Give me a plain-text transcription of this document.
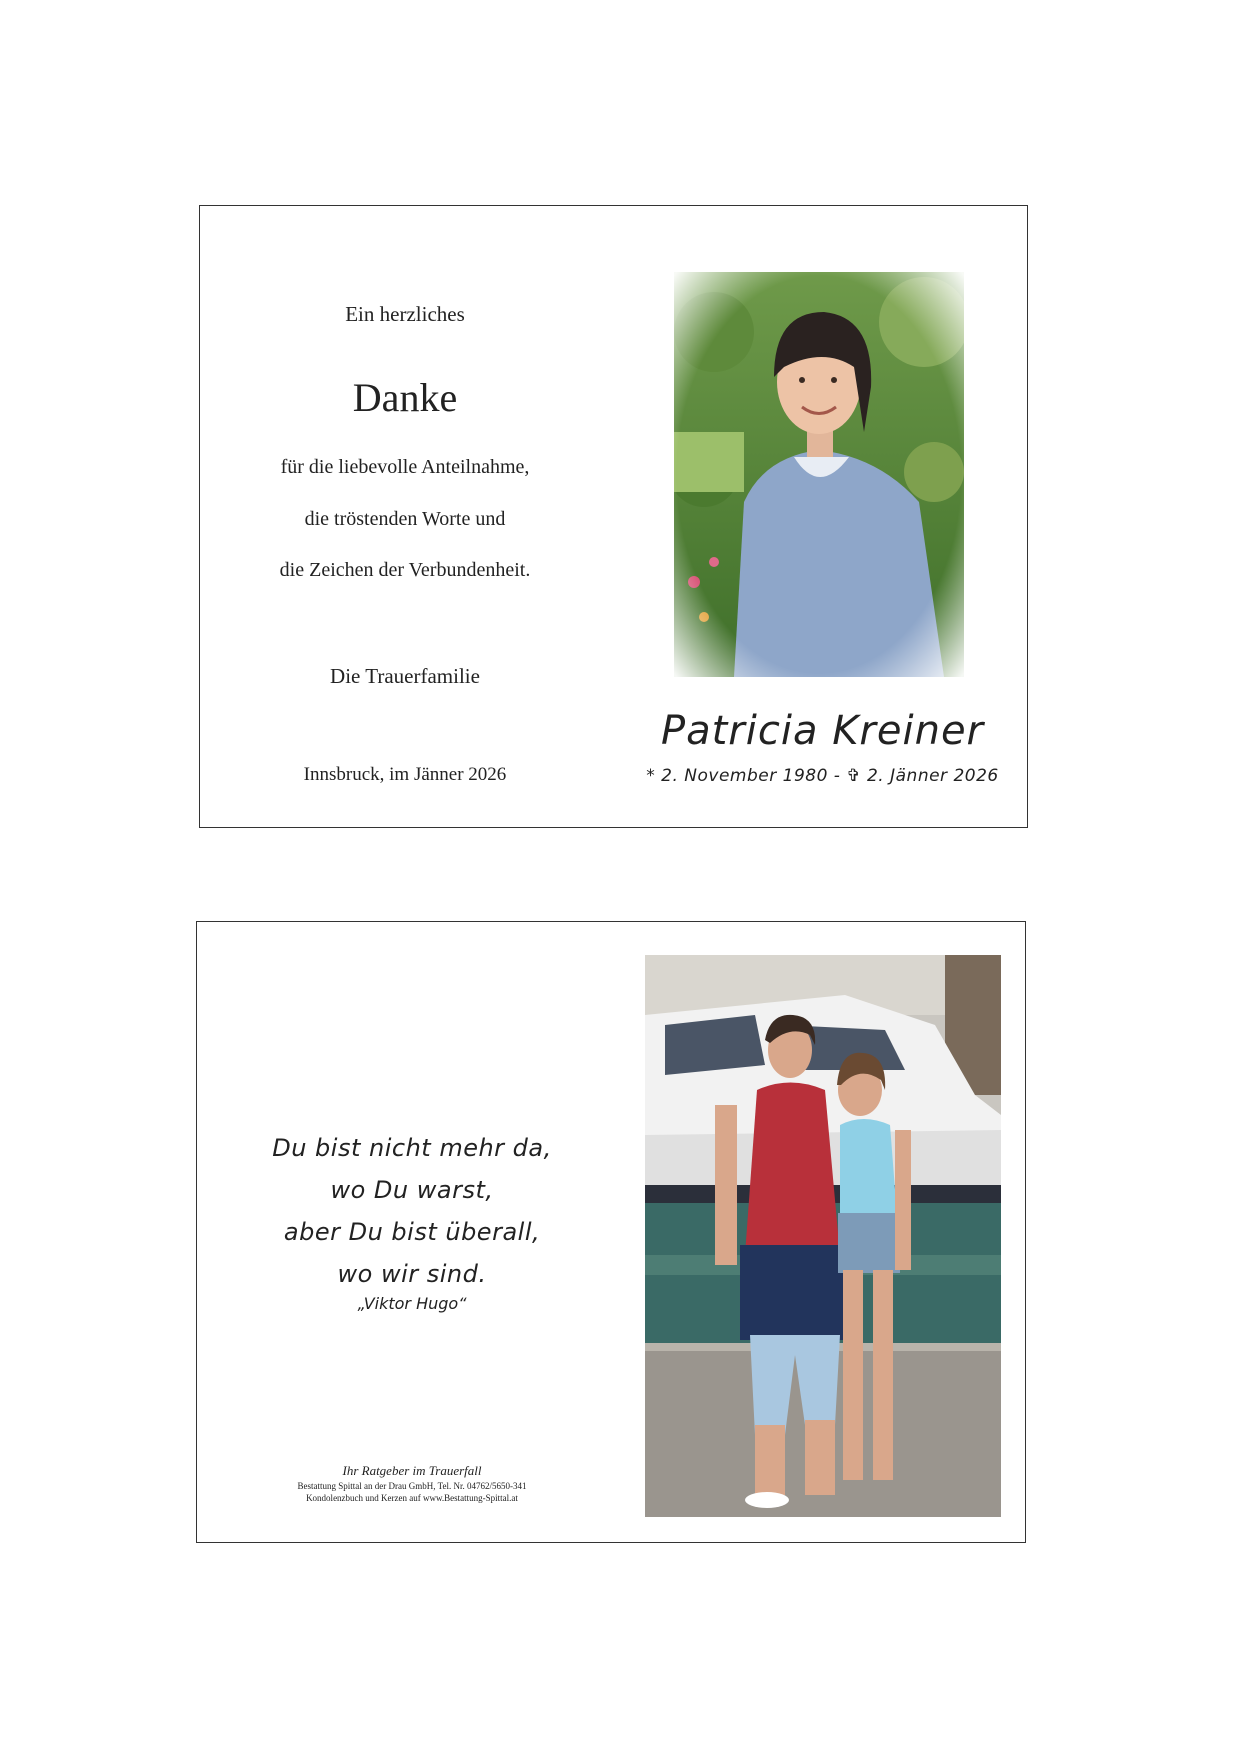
Ein herzliches
Danke
für die liebevolle Anteilnahme,
die tröstenden Worte und
die Zeichen der Verbundenheit.
Die Trauerfamilie
Innsbruck, im Jänner 2026
Patricia Kreiner
* 2. November 1980 - ✞ 2. Jänner 2026
Du bist nicht mehr da,
wo Du warst,
aber Du bist überall,
wo wir sind.
„Viktor Hugo“
Ihr Ratgeber im Trauerfall
Bestattung Spittal an der Drau GmbH, Tel. Nr. 04762/5650-341
Kondolenzbuch und Kerzen auf www.Bestattung-Spittal.at
